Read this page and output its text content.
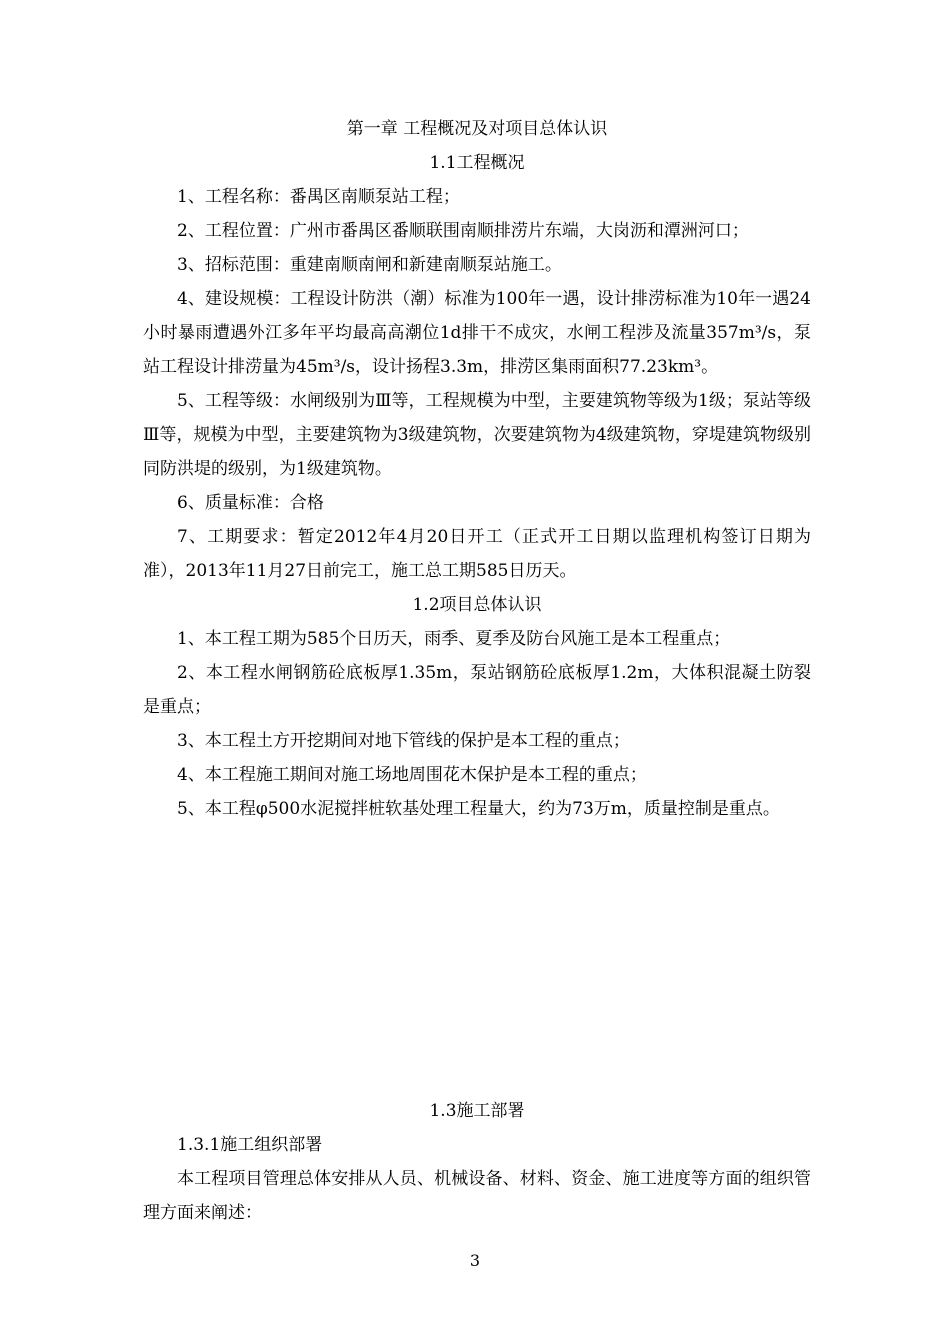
第一章 工程概况及对项目总体认识

1.1工程概况

1、工程名称：番禺区南顺泵站工程；

2、工程位置：广州市番禺区番顺联围南顺排涝片东端，大岗沥和潭洲河口；

3、招标范围：重建南顺南闸和新建南顺泵站施工。

4、建设规模：工程设计防洪（潮）标准为100年一遇，设计排涝标准为10年一遇24小时暴雨遭遇外江多年平均最高高潮位1d排干不成灾，水闸工程涉及流量357m³/s，泵站工程设计排涝量为45m³/s，设计扬程3.3m，排涝区集雨面积77.23km³。

5、工程等级：水闸级别为Ⅲ等，工程规模为中型，主要建筑物等级为1级；泵站等级Ⅲ等，规模为中型，主要建筑物为3级建筑物，次要建筑物为4级建筑物，穿堤建筑物级别同防洪堤的级别，为1级建筑物。

6、质量标准：合格

7、工期要求：暂定2012年4月20日开工（正式开工日期以监理机构签订日期为准），2013年11月27日前完工，施工总工期585日历天。

1.2项目总体认识

1、本工程工期为585个日历天，雨季、夏季及防台风施工是本工程重点；

2、本工程水闸钢筋砼底板厚1.35m，泵站钢筋砼底板厚1.2m，大体积混凝土防裂是重点；

3、本工程土方开挖期间对地下管线的保护是本工程的重点；

4、本工程施工期间对施工场地周围花木保护是本工程的重点；

5、本工程φ500水泥搅拌桩软基处理工程量大，约为73万m，质量控制是重点。

1.3施工部署

1.3.1施工组织部署

本工程项目管理总体安排从人员、机械设备、材料、资金、施工进度等方面的组织管理方面来阐述：

3
